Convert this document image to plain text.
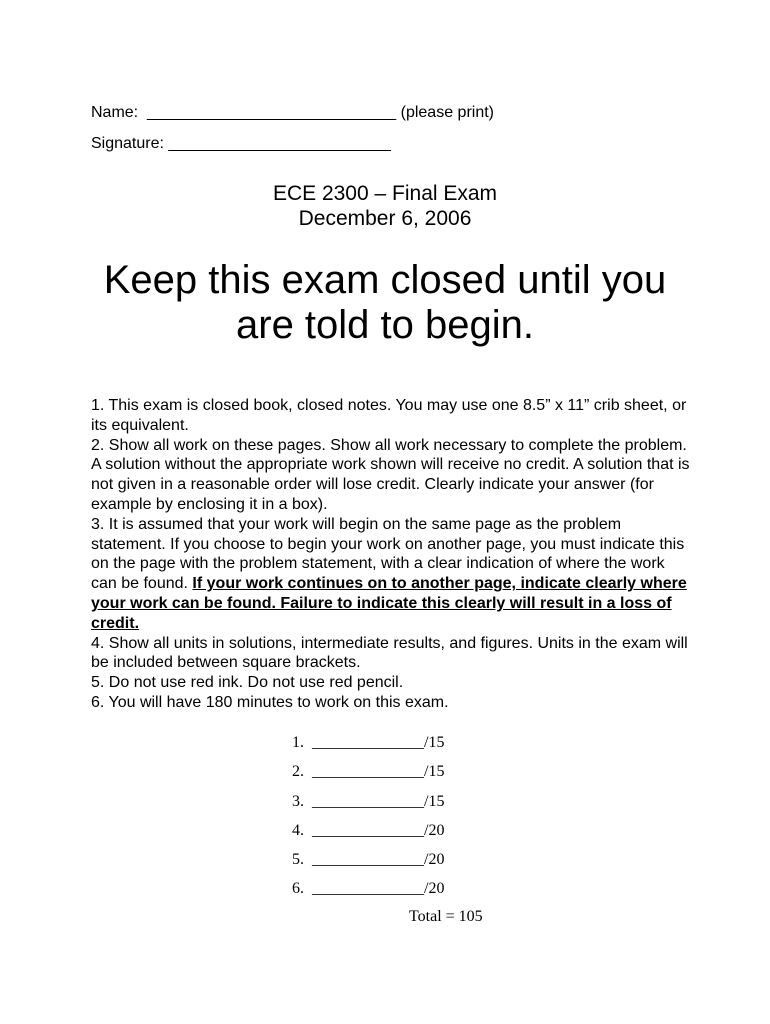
Name:  ____________________________ (please print)
Signature: _________________________
ECE 2300 – Final Exam
December 6, 2006
Keep this exam closed until you
are told to begin.

1. This exam is closed book, closed notes. You may use one 8.5” x 11” crib sheet, or its equivalent.

2. Show all work on these pages. Show all work necessary to complete the problem. A solution without the appropriate work shown will receive no credit. A solution that is not given in a reasonable order will lose credit. Clearly indicate your answer (for example by enclosing it in a box).

3. It is assumed that your work will begin on the same page as the problem statement. If you choose to begin your work on another page, you must indicate this on the page with the problem statement, with a clear indication of where the work can be found. If your work continues on to another page, indicate clearly where your work can be found. Failure to indicate this clearly will result in a loss of credit.

4. Show all units in solutions, intermediate results, and figures. Units in the exam will be included between square brackets.

5. Do not use red ink. Do not use red pencil.

6. You will have 180 minutes to work on this exam.

1.  ______________/15
2.  ______________/15
3.  ______________/15
4.  ______________/20
5.  ______________/20
6.  ______________/20
Total = 105
